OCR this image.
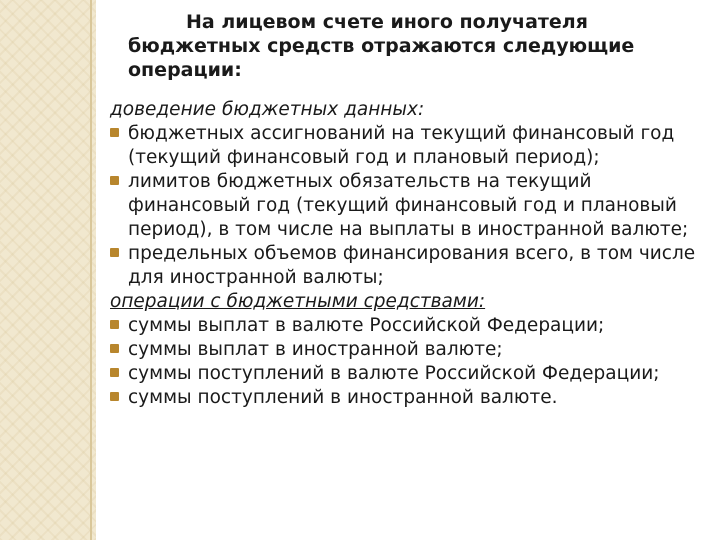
На лицевом счете иного получателя бюджетных средств отражаются следующие операции:

доведение бюджетных данных:

бюджетных ассигнований на текущий финансовый год (текущий финансовый год и плановый период);
лимитов бюджетных обязательств на текущий финансовый год (текущий финансовый год и плановый период), в том числе на выплаты в иностранной валюте;
предельных объемов финансирования всего, в том числе для иностранной валюты;

операции с бюджетными средствами:

суммы выплат в валюте Российской Федерации;
суммы выплат в иностранной валюте;
суммы поступлений в валюте Российской Федерации;
суммы поступлений в иностранной валюте.
